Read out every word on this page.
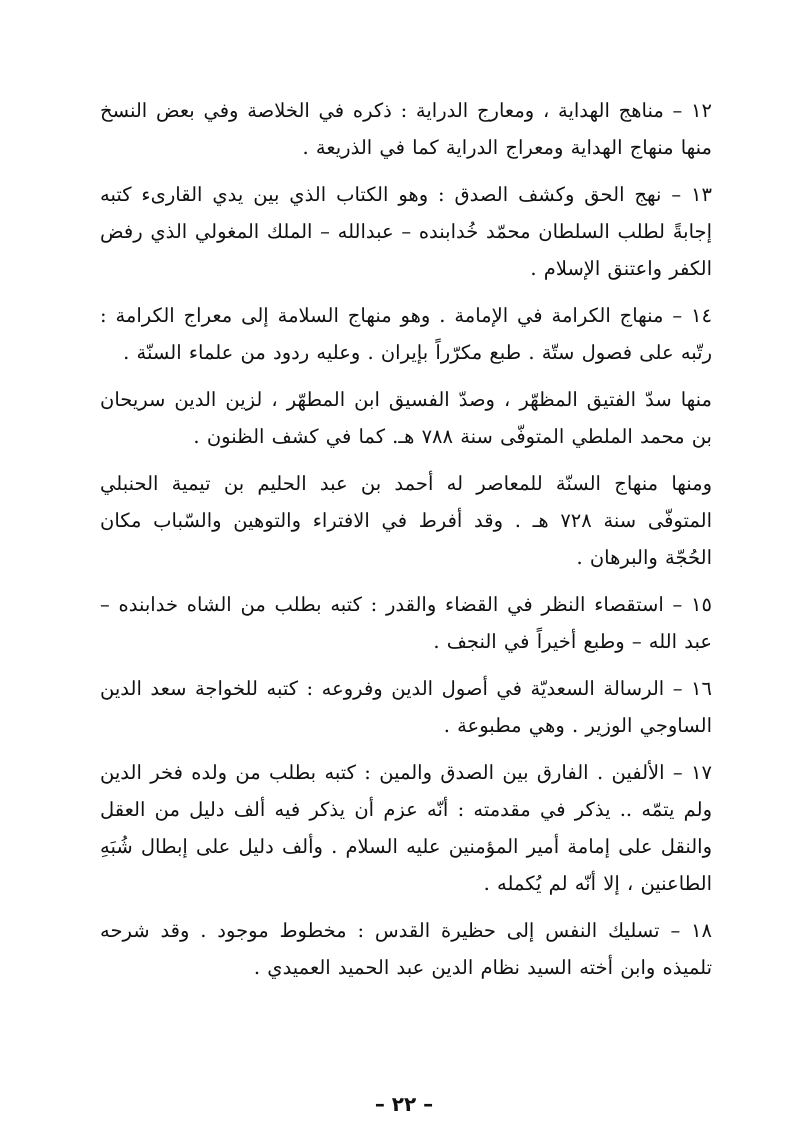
١٢ – مناهج الهداية ، ومعارج الدراية : ذكره في الخلاصة وفي بعض النسخ منها منهاج الهداية ومعراج الدراية كما في الذريعة .

١٣ – نهج الحق وكشف الصدق : وهو الكتاب الذي بين يدي القارىء كتبه إجابةً لطلب السلطان محمّد خُدابنده – عبدالله – الملك المغولي الذي رفض الكفر واعتنق الإسلام .

١٤ – منهاج الكرامة في الإمامة . وهو منهاج السلامة إلى معراج الكرامة : رتّبه على فصول ستّة . طبع مكرّراً بإيران . وعليه ردود من علماء السنّة .

منها سدّ الفتيق المظهّر ، وصدّ الفسيق ابن المطهّر ، لزين الدين سريحان بن محمد الملطي المتوفّى سنة ٧٨٨ هـ. كما في كشف الظنون .

ومنها منهاج السنّة للمعاصر له أحمد بن عبد الحليم بن تيمية الحنبلي المتوفّى سنة ٧٢٨ هـ . وقد أفرط في الافتراء والتوهين والسّباب مكان الحُجّة والبرهان .

١٥ – استقصاء النظر في القضاء والقدر : كتبه بطلب من الشاه خدابنده – عبد الله – وطبع أخيراً في النجف .

١٦ – الرسالة السعديّة في أصول الدين وفروعه : كتبه للخواجة سعد الدين الساوجي الوزير . وهي مطبوعة .

١٧ – الألفين . الفارق بين الصدق والمين : كتبه بطلب من ولده فخر الدين ولم يتمّه .. يذكر في مقدمته : أنّه عزم أن يذكر فيه ألف دليل من العقل والنقل على إمامة أمير المؤمنين عليه السلام . وألف دليل على إبطال شُبَهِ الطاعنين ، إلا أنّه لم يُكمله .

١٨ – تسليك النفس إلى حظيرة القدس : مخطوط موجود . وقد شرحه تلميذه وابن أخته السيد نظام الدين عبد الحميد العميدي .

– ٢٢ –
